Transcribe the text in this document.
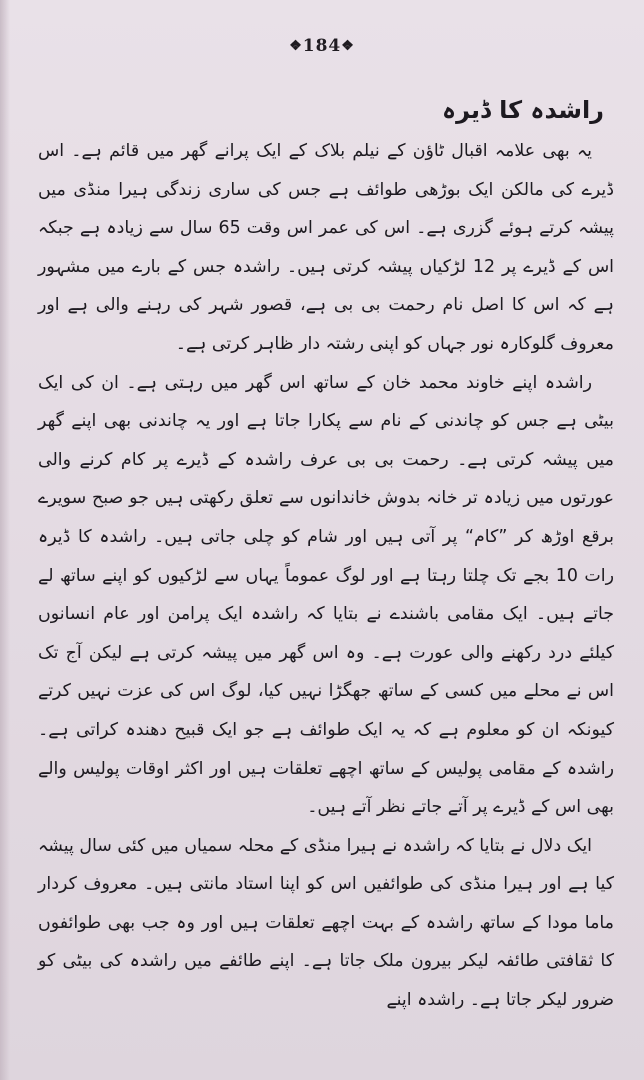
❖184❖
راشدہ کا ڈیرہ

یہ بھی علامہ اقبال ٹاؤن کے نیلم بلاک کے ایک پرانے گھر میں قائم ہے۔ اس ڈیرے کی مالکن ایک بوڑھی طوائف ہے جس کی ساری زندگی ہیرا منڈی میں پیشہ کرتے ہوئے گزری ہے۔ اس کی عمر اس وقت 65 سال سے زیادہ ہے جبکہ اس کے ڈیرے پر 12 لڑکیاں پیشہ کرتی ہیں۔ راشدہ جس کے بارے میں مشہور ہے کہ اس کا اصل نام رحمت بی بی ہے، قصور شہر کی رہنے والی ہے اور معروف گلوکارہ نور جہاں کو اپنی رشتہ دار ظاہر کرتی ہے۔

راشدہ اپنے خاوند محمد خان کے ساتھ اس گھر میں رہتی ہے۔ ان کی ایک بیٹی ہے جس کو چاندنی کے نام سے پکارا جاتا ہے اور یہ چاندنی بھی اپنے گھر میں پیشہ کرتی ہے۔ رحمت بی بی عرف راشدہ کے ڈیرے پر کام کرنے والی عورتوں میں زیادہ تر خانہ بدوش خاندانوں سے تعلق رکھتی ہیں جو صبح سویرے برقع اوڑھ کر ”کام“ پر آتی ہیں اور شام کو چلی جاتی ہیں۔ راشدہ کا ڈیرہ رات 10 بجے تک چلتا رہتا ہے اور لوگ عموماً یہاں سے لڑکیوں کو اپنے ساتھ لے جاتے ہیں۔ ایک مقامی باشندے نے بتایا کہ راشدہ ایک پرامن اور عام انسانوں کیلئے درد رکھنے والی عورت ہے۔ وہ اس گھر میں پیشہ کرتی ہے لیکن آج تک اس نے محلے میں کسی کے ساتھ جھگڑا نہیں کیا، لوگ اس کی عزت نہیں کرتے کیونکہ ان کو معلوم ہے کہ یہ ایک طوائف ہے جو ایک قبیح دھندہ کراتی ہے۔ راشدہ کے مقامی پولیس کے ساتھ اچھے تعلقات ہیں اور اکثر اوقات پولیس والے بھی اس کے ڈیرے پر آتے جاتے نظر آتے ہیں۔

ایک دلال نے بتایا کہ راشدہ نے ہیرا منڈی کے محلہ سمیاں میں کئی سال پیشہ کیا ہے اور ہیرا منڈی کی طوائفیں اس کو اپنا استاد مانتی ہیں۔ معروف کردار ماما مودا کے ساتھ راشدہ کے بہت اچھے تعلقات ہیں اور وہ جب بھی طوائفوں کا ثقافتی طائفہ لیکر بیرون ملک جاتا ہے۔ اپنے طائفے میں راشدہ کی بیٹی کو ضرور لیکر جاتا ہے۔ راشدہ اپنے
